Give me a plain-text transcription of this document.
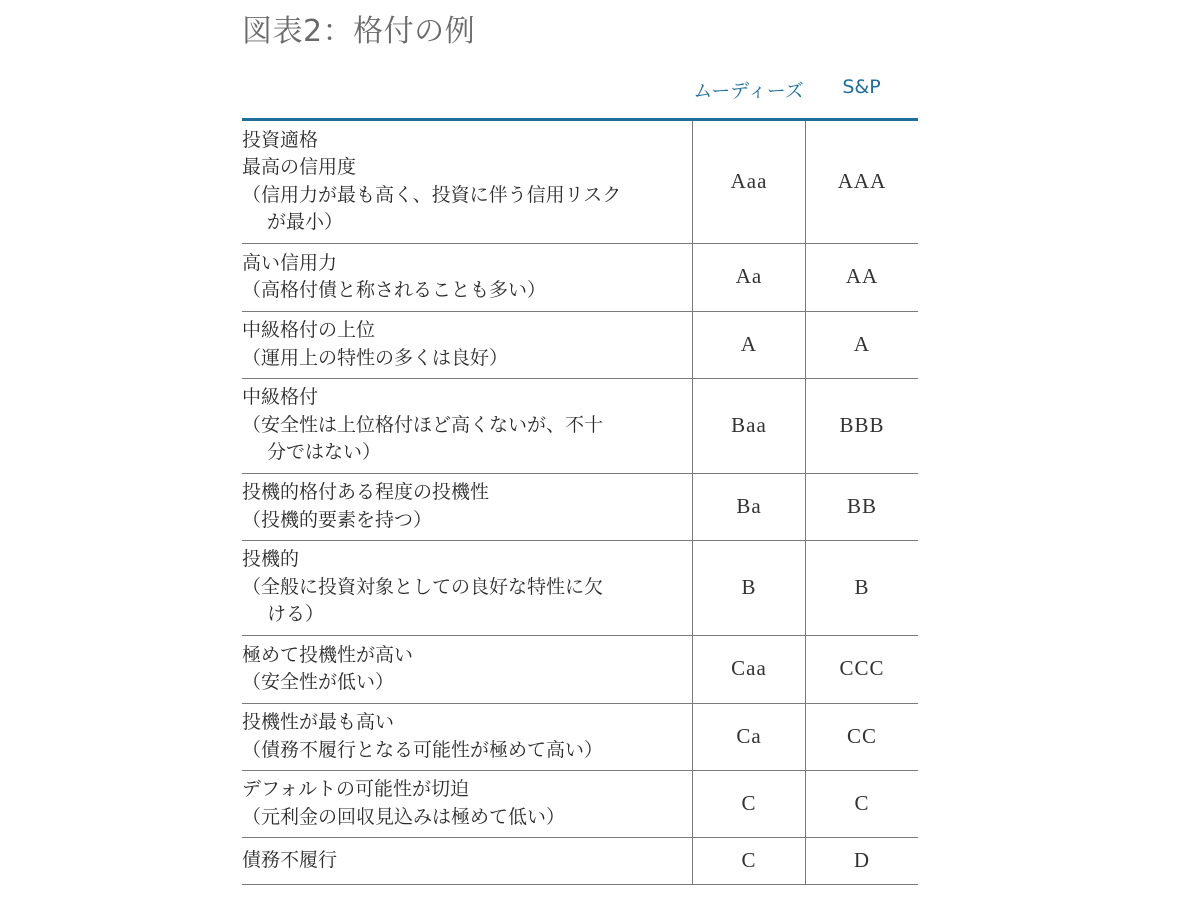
図表2：格付の例
ムーディーズ	S&P
投資適格
最高の信用度
（信用力が最も高く、投資に伴う信用リスク
が最小）	Aaa	AAA

高い信用力
（高格付債と称されることも多い）	Aa	AA

中級格付の上位
（運用上の特性の多くは良好）	A	A

中級格付
（安全性は上位格付ほど高くないが、不十
分ではない）	Baa	BBB

投機的格付ある程度の投機性
（投機的要素を持つ）	Ba	BB

投機的
（全般に投資対象としての良好な特性に欠
ける）	B	B

極めて投機性が高い
（安全性が低い）	Caa	CCC

投機性が最も高い
（債務不履行となる可能性が極めて高い）	Ca	CC

デフォルトの可能性が切迫
（元利金の回収見込みは極めて低い）	C	C

債務不履行	C	D
